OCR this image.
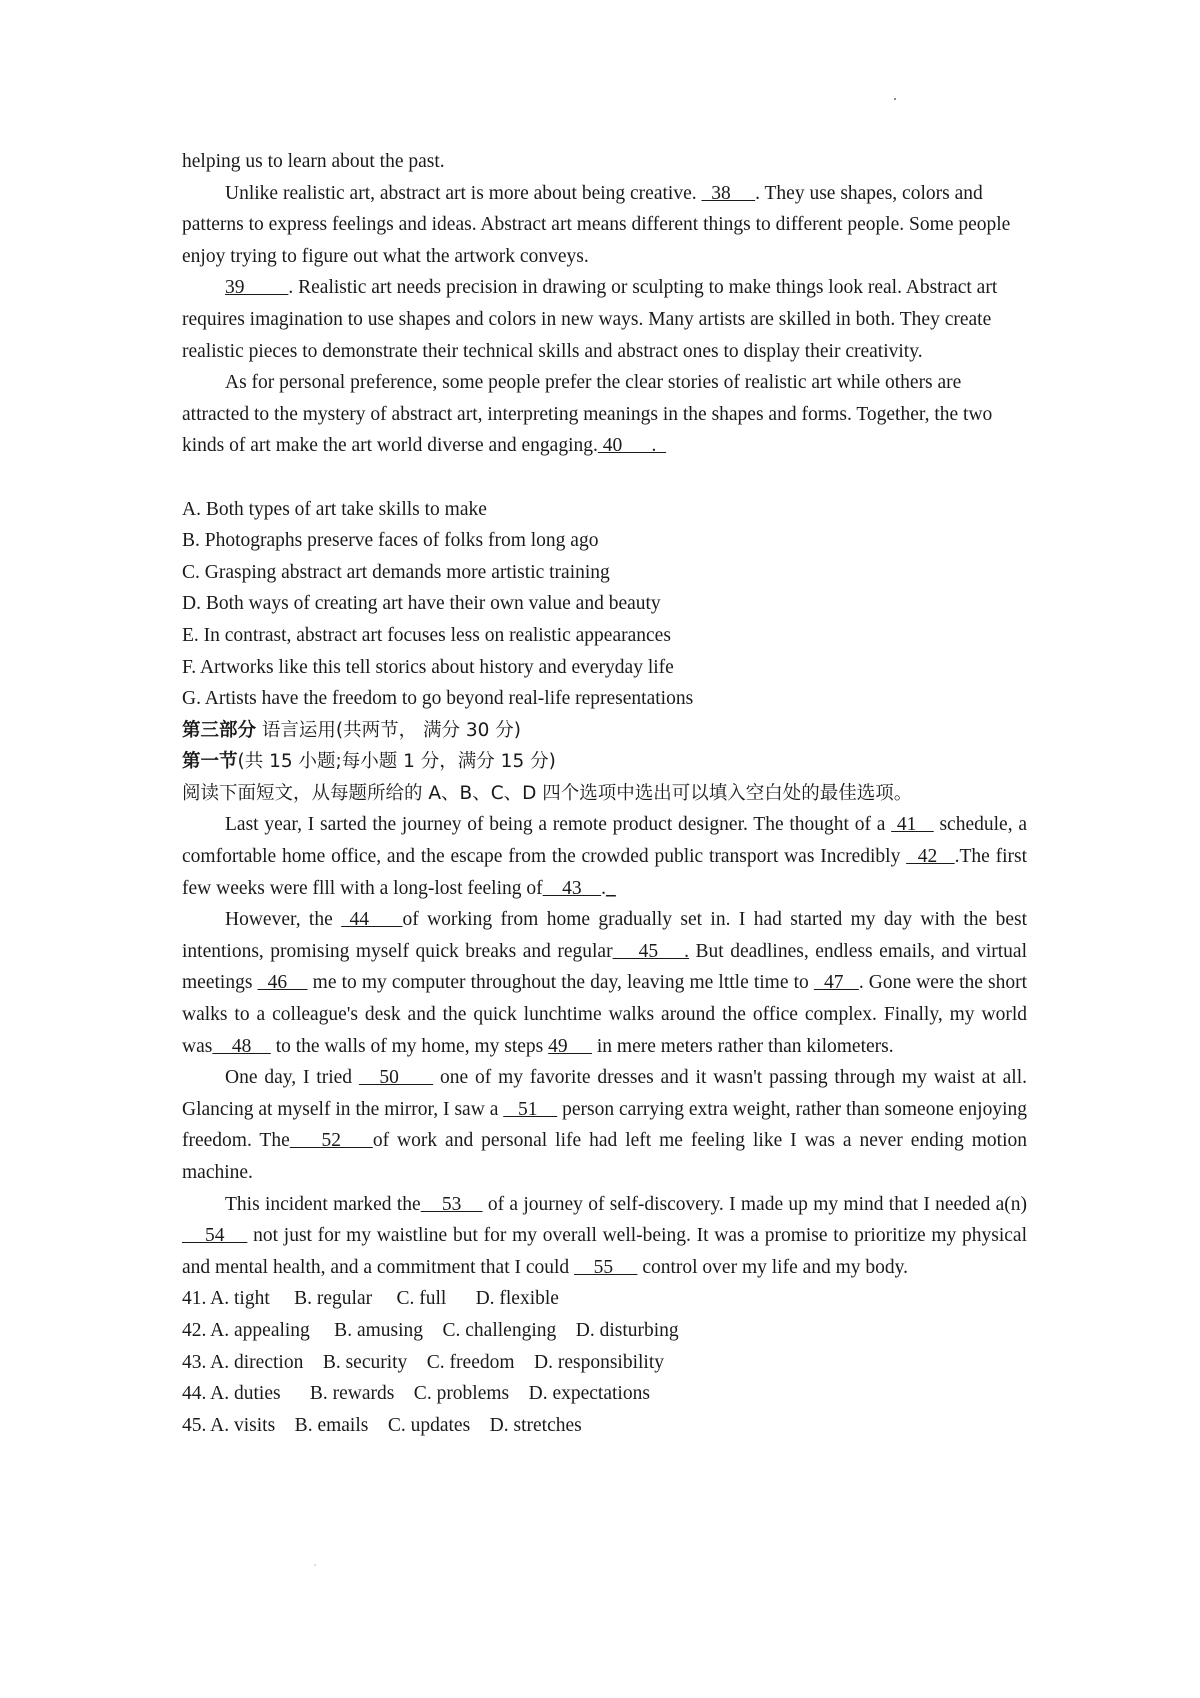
helping us to learn about the past.

Unlike realistic art, abstract art is more about being creative.   38     . They use shapes, colors and patterns to express feelings and ideas. Abstract art means different things to different people. Some people enjoy trying to figure out what the artwork conveys.

39         . Realistic art needs precision in drawing or sculpting to make things look real. Abstract art requires imagination to use shapes and colors in new ways. Many artists are skilled in both. They create realistic pieces to demonstrate their technical skills and abstract ones to display their creativity.

As for personal preference, some people prefer the clear stories of realistic art while others are attracted to the mystery of abstract art, interpreting meanings in the shapes and forms. Together, the two kinds of art make the art world diverse and engaging. 40      .

A. Both types of art take skills to make

B. Photographs preserve faces of folks from long ago

C. Grasping abstract art demands more artistic training

D. Both ways of creating art have their own value and beauty

E. In contrast, abstract art focuses less on realistic appearances

F. Artworks like this tell storics about history and everyday life

G. Artists have the freedom to go beyond real-life representations

第三部分 语言运用(共两节， 满分 30 分)

第一节(共 15 小题;每小题 1 分，满分 15 分)

阅读下面短文，从每题所给的 A、B、C、D 四个选项中选出可以填入空白处的最佳选项。

Last year, I sarted the journey of being a remote product designer. The thought of a  41    schedule, a comfortable home office, and the escape from the crowded public transport was Incredibly   42   .The first few weeks were flll with a long-lost feeling of    43    ._

However, the  44    of working from home gradually set in. I had started my day with the best intentions, promising myself quick breaks and regular    45    . But deadlines, endless emails, and virtual meetings   46     me to my computer throughout the day, leaving me lttle time to   47   . Gone were the short walks to a colleague's desk and the quick lunchtime walks around the office complex. Finally, my world was    48     to the walls of my home, my steps 49      in mere meters rather than kilometers.

One day, I tried    50      one of my favorite dresses and it wasn't passing through my waist at all. Glancing at myself in the mirror, I saw a    51     person carrying extra weight, rather than someone enjoying freedom. The    52    of work and personal life had left me feeling like I was a never ending motion machine.

This incident marked the    53     of a journey of self-discovery. I made up my mind that I needed a(n)    54     not just for my waistline but for my overall well-being. It was a promise to prioritize my physical and mental health, and a commitment that I could     55      control over my life and my body.

41. A. tight     B. regular     C. full      D. flexible

42. A. appealing     B. amusing    C. challenging    D. disturbing

43. A. direction    B. security    C. freedom    D. responsibility

44. A. duties      B. rewards    C. problems    D. expectations

45. A. visits    B. emails    C. updates    D. stretches
